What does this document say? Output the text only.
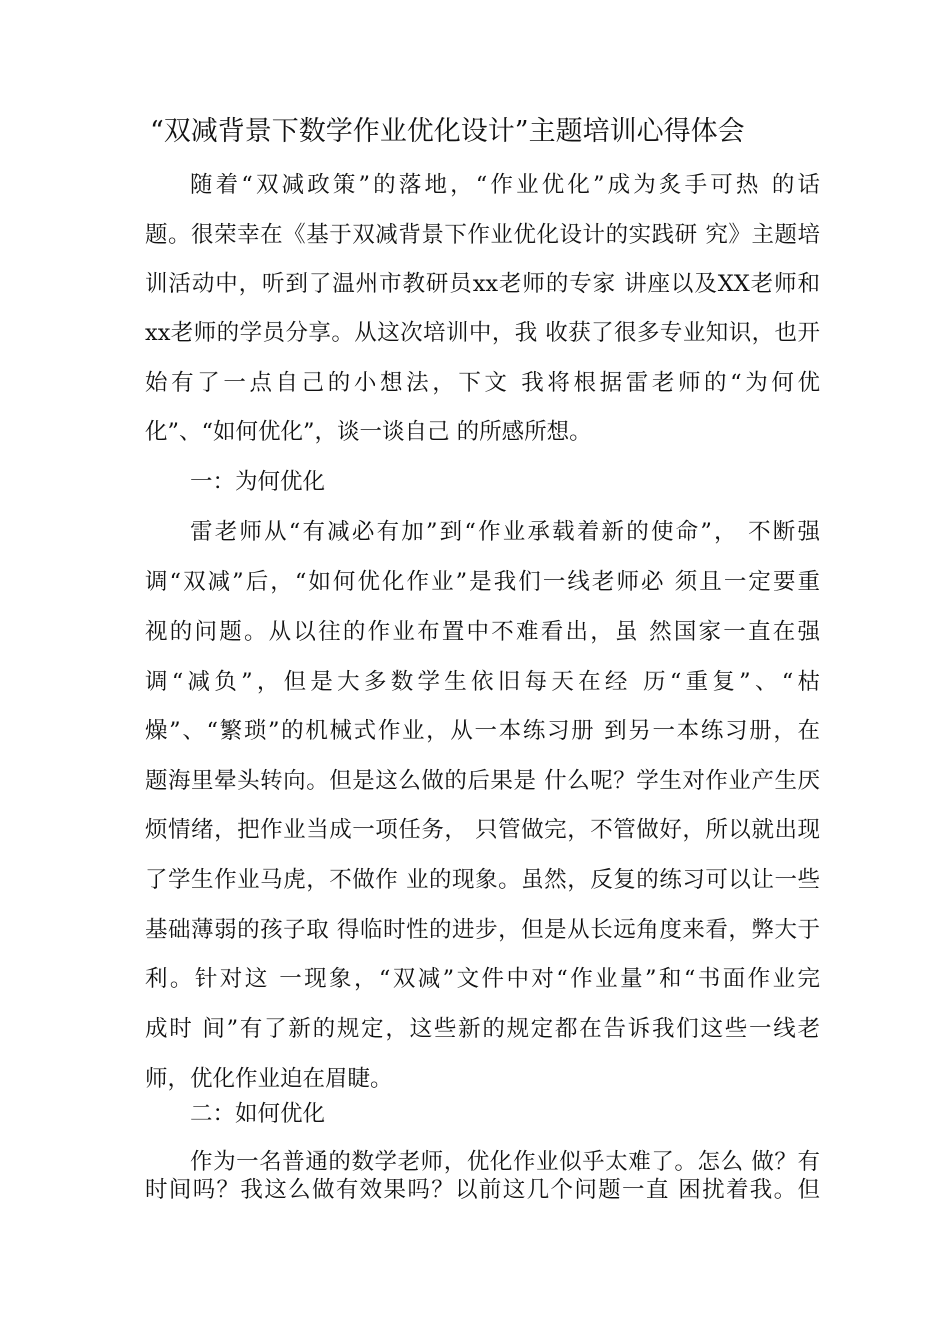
“双减背景下数学作业优化设计”主题培训心得体会
随着“双减政策”的落地，“作业优化”成为炙手可热 的话
题。很荣幸在《基于双减背景下作业优化设计的实践研 究》主题培
训活动中，听到了温州市教研员xx老师的专家 讲座以及XX老师和
xx老师的学员分享。从这次培训中，我 收获了很多专业知识，也开
始有了一点自己的小想法，下文 我将根据雷老师的“为何优
化”、“如何优化”，谈一谈自己 的所感所想。
一：为何优化
雷老师从“有减必有加”到“作业承载着新的使命”， 不断强
调“双减”后，“如何优化作业”是我们一线老师必 须且一定要重
视的问题。从以往的作业布置中不难看出，虽 然国家一直在强
调“减负”，但是大多数学生依旧每天在经 历“重复”、“枯
燥”、“繁琐”的机械式作业，从一本练习册 到另一本练习册，在
题海里晕头转向。但是这么做的后果是 什么呢？学生对作业产生厌
烦情绪，把作业当成一项任务， 只管做完，不管做好，所以就出现
了学生作业马虎，不做作 业的现象。虽然，反复的练习可以让一些
基础薄弱的孩子取 得临时性的进步，但是从长远角度来看，弊大于
利。针对这 一现象，“双减”文件中对“作业量”和“书面作业完
成时 间”有了新的规定，这些新的规定都在告诉我们这些一线老
师，优化作业迫在眉睫。
二：如何优化
作为一名普通的数学老师，优化作业似乎太难了。怎么 做？有
时间吗？我这么做有效果吗？以前这几个问题一直 困扰着我。但
